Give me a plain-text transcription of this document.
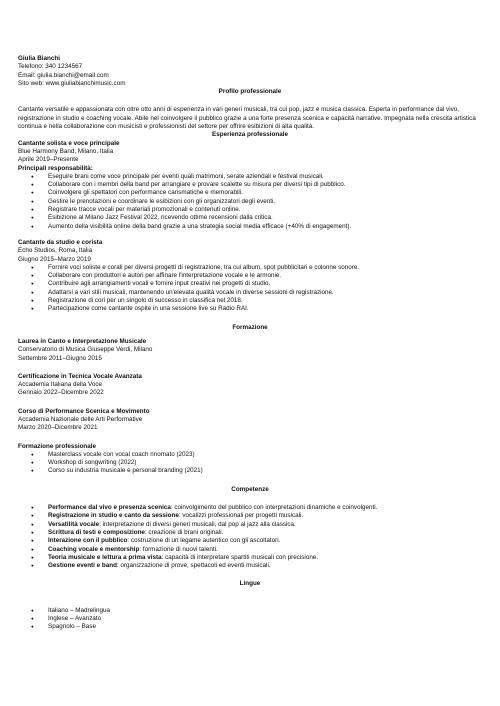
Giulia Bianchi

Telefono: 340 1234567

Email: giulia.bianchi@email.com

Sito web: www.giuliabianchimusic.com

Profilo professionale

Cantante versatile e appassionata con oltre otto anni di esperienza in vari generi musicali, tra cui pop, jazz e musica classica. Esperta in performance dal vivo, registrazione in studio e coaching vocale. Abile nel coinvolgere il pubblico grazie a una forte presenza scenica e capacità narrative. Impegnata nella crescita artistica continua e nella collaborazione con musicisti e professionisti del settore per offrire esibizioni di alta qualità.

Esperienza professionale

Cantante solista e voce principale

Blue Harmony Band, Milano, Italia

Aprile 2019–Presente

Principali responsabilità:

● Eseguire brani come voce principale per eventi quali matrimoni, serate aziendali e festival musicali.
● Collaborare con i membri della band per arrangiare e provare scalette su misura per diversi tipi di pubblico.
● Coinvolgere gli spettatori con performance carismatiche e memorabili.
● Gestire le prenotazioni e coordinare le esibizioni con gli organizzatori degli eventi.
● Registrare tracce vocali per materiali promozionali e contenuti online.
● Esibizione al Milano Jazz Festival 2022, ricevendo ottime recensioni dalla critica.
● Aumento della visibilità online della band grazie a una strategia social media efficace (+40% di engagement).

Cantante da studio e corista

Echo Studios, Roma, Italia

Giugno 2015–Marzo 2019

● Fornire voci soliste e corali per diversi progetti di registrazione, tra cui album, spot pubblicitari e colonne sonore.
● Collaborare con produttori e autori per affinare l'interpretazione vocale e le armonie.
● Contribuire agli arrangiamenti vocali e fornire input creativi nei progetti di studio.
● Adattarsi a vari stili musicali, mantenendo un'elevata qualità vocale in diverse sessioni di registrazione.
● Registrazione di cori per un singolo di successo in classifica nel 2018.
● Partecipazione come cantante ospite in una sessione live su Radio RAI.

Formazione

Laurea in Canto e Interpretazione Musicale

Conservatorio di Musica Giuseppe Verdi, Milano

Settembre 2011–Giugno 2015

Certificazione in Tecnica Vocale Avanzata

Accademia Italiana della Voce

Gennaio 2022–Dicembre 2022

Corso di Performance Scenica e Movimento

Accademia Nazionale delle Arti Performative

Marzo 2020–Dicembre 2021

Formazione professionale

● Masterclass vocale con vocal coach rinomato (2023)
● Workshop di songwriting (2022)
● Corso su industria musicale e personal branding (2021)

Competenze

● Performance dal vivo e presenza scenica: coinvolgimento del pubblico con interpretazioni dinamiche e coinvolgenti.
● Registrazione in studio e canto da sessione: vocalizzi professionali per progetti musicali.
● Versatilità vocale: interpretazione di diversi generi musicali, dal pop al jazz alla classica.
● Scrittura di testi e composizione: creazione di brani originali.
● Interazione con il pubblico: costruzione di un legame autentico con gli ascoltatori.
● Coaching vocale e mentorship: formazione di nuovi talenti.
● Teoria musicale e lettura a prima vista: capacità di interpretare spartiti musicali con precisione.
● Gestione eventi e band: organizzazione di prove, spettacoli ed eventi musicali.

Lingue

● Italiano – Madrelingua
● Inglese – Avanzato
● Spagnolo – Base
